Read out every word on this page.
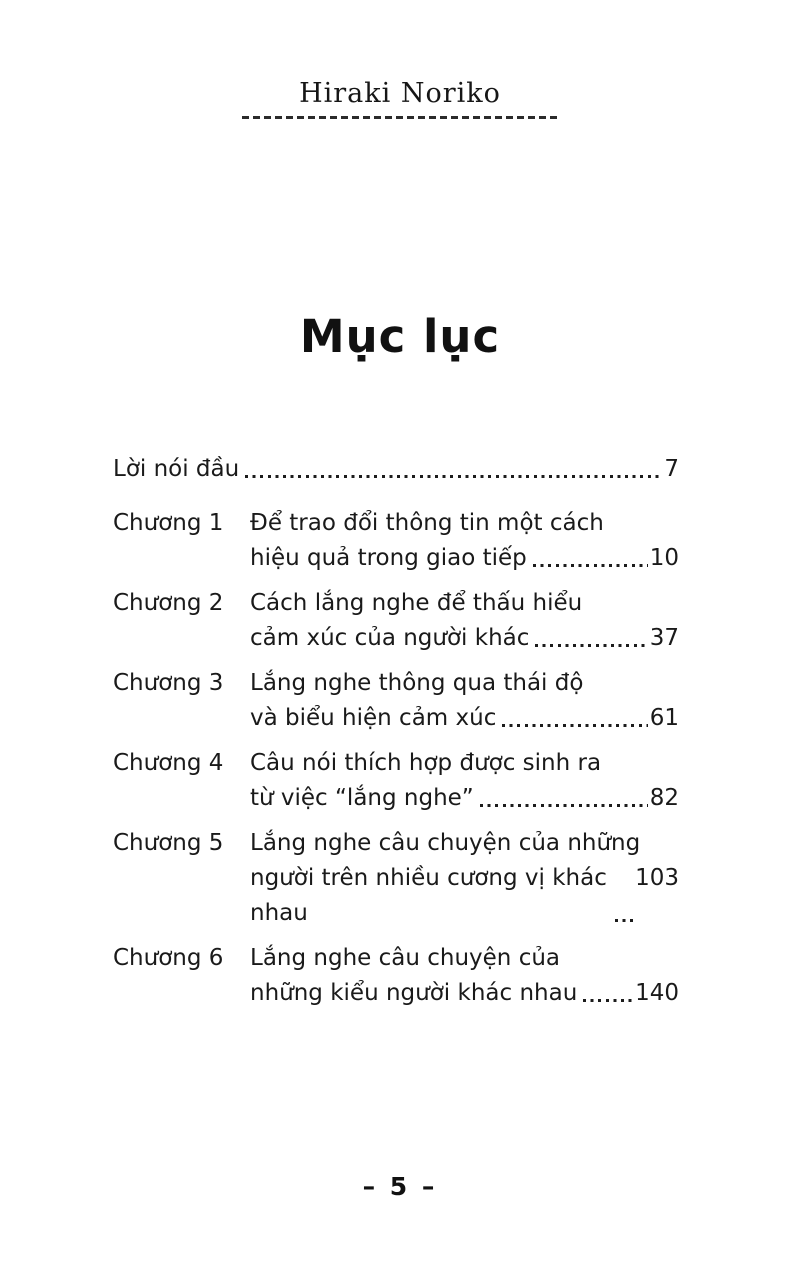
Hiraki Noriko
Mục lục
Lời nói đầu	7
Chương 1	Để trao đổi thông tin một cách
hiệu quả trong giao tiếp	10
Chương 2	Cách lắng nghe để thấu hiểu
cảm xúc của người khác	37
Chương 3	Lắng nghe thông qua thái độ
và biểu hiện cảm xúc	61
Chương 4	Câu nói thích hợp được sinh ra
từ việc “lắng nghe”	82
Chương 5	Lắng nghe câu chuyện của những
người trên nhiều cương vị khác nhau
103
Chương 6	Lắng nghe câu chuyện của
những kiểu người khác nhau	140
– 5 –
